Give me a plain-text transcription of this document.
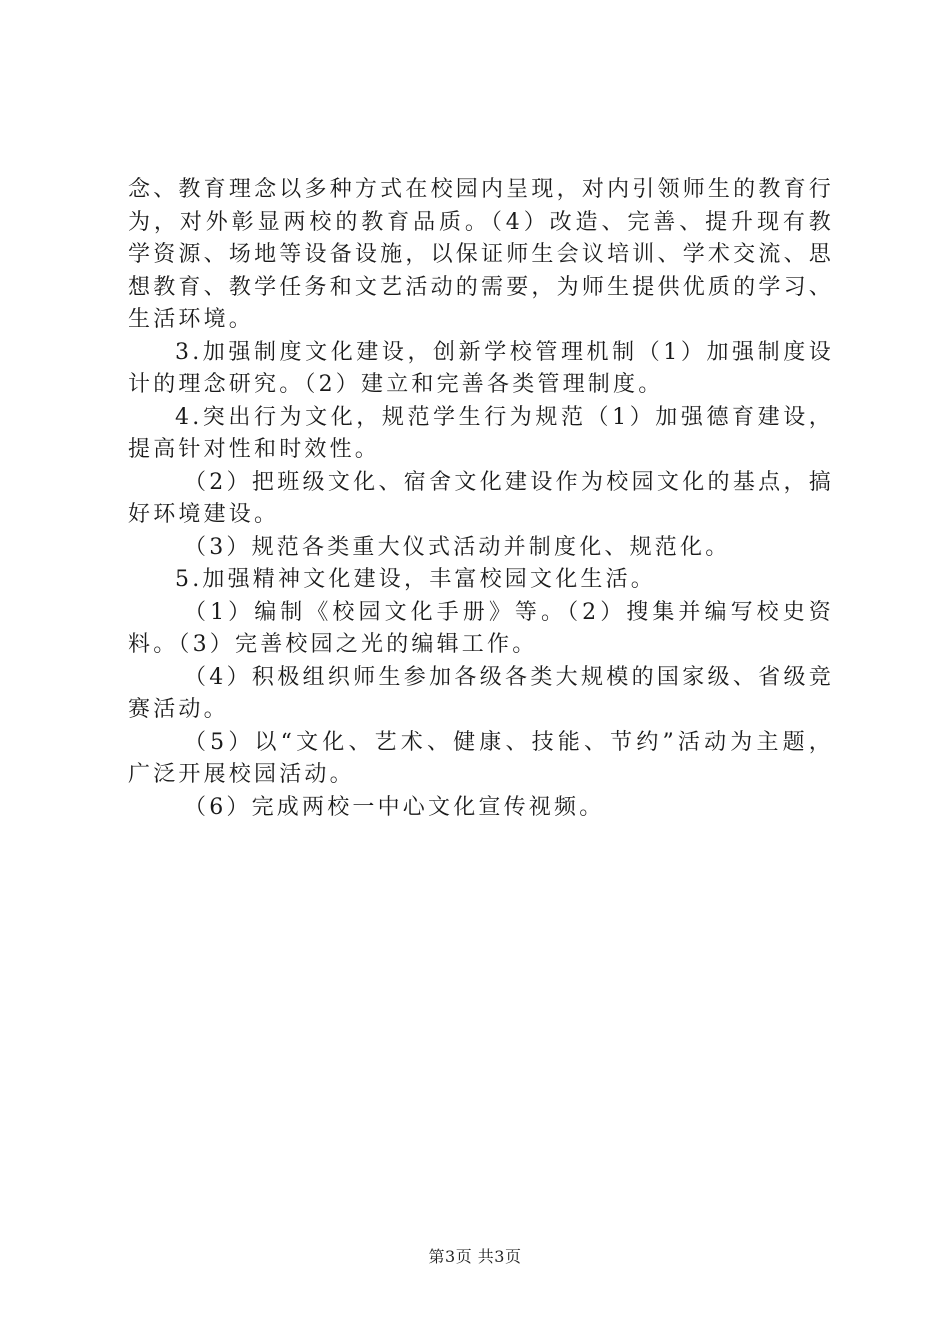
念、教育理念以多种方式在校园内呈现，对内引领师生的教育行为，对外彰显两校的教育品质。（4）改造、完善、提升现有教学资源、场地等设备设施，以保证师生会议培训、学术交流、思想教育、教学任务和文艺活动的需要，为师生提供优质的学习、生活环境。

3.加强制度文化建设，创新学校管理机制（1）加强制度设计的理念研究。（2）建立和完善各类管理制度。

4.突出行为文化，规范学生行为规范（1）加强德育建设，提高针对性和时效性。

（2）把班级文化、宿舍文化建设作为校园文化的基点，搞好环境建设。

（3）规范各类重大仪式活动并制度化、规范化。

5.加强精神文化建设，丰富校园文化生活。

（1）编制《校园文化手册》等。（2）搜集并编写校史资料。（3）完善校园之光的编辑工作。

（4）积极组织师生参加各级各类大规模的国家级、省级竞赛活动。

（5）以“文化、艺术、健康、技能、节约”活动为主题，广泛开展校园活动。

（6）完成两校一中心文化宣传视频。

第3页 共3页
